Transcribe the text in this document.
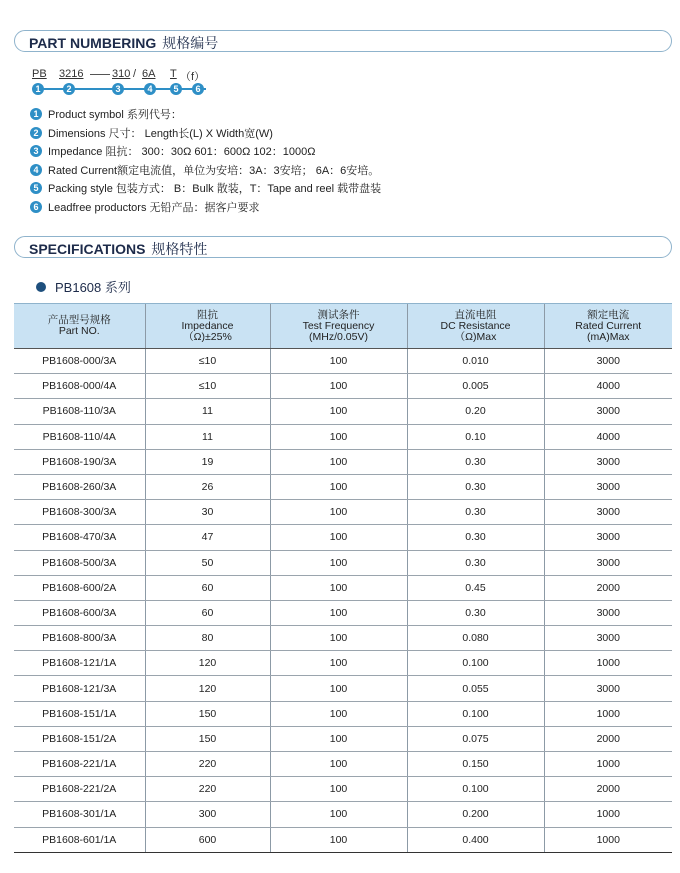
PART NUMBERING 规格编号
PB 3216	310 / 6A T （f）
1	2	3	4	5	6
1 Product symbol 系列代号：
2 Dimensions 尺寸： Length长(L) X Width宽(W)
3 Impedance 阻抗： 300：30Ω 601：600Ω 102：1000Ω
4 Rated Current额定电流值，单位为安培：3A：3安培； 6A：6安培。
5 Packing style 包装方式： B：Bulk 散装，T：Tape and reel 载带盘装
6 Leadfree productors 无铅产品：据客户要求
SPECIFICATIONS 规格特性
PB1608 系列
产品型号规格
Part NO.	阻抗
Impedance
（Ω)±25%	测试条件
Test Frequency
(MHz/0.05V)	直流电阻
DC Resistance
（Ω)Max	额定电流
Rated Current
(mA)Max

PB1608-000/3A	≤10	100	0.010	3000
PB1608-000/4A	≤10	100	0.005	4000
PB1608-110/3A	11	100	0.20	3000
PB1608-110/4A	11	100	0.10	4000
PB1608-190/3A	19	100	0.30	3000
PB1608-260/3A	26	100	0.30	3000
PB1608-300/3A	30	100	0.30	3000
PB1608-470/3A	47	100	0.30	3000
PB1608-500/3A	50	100	0.30	3000
PB1608-600/2A	60	100	0.45	2000
PB1608-600/3A	60	100	0.30	3000
PB1608-800/3A	80	100	0.080	3000
PB1608-121/1A	120	100	0.100	1000
PB1608-121/3A	120	100	0.055	3000
PB1608-151/1A	150	100	0.100	1000
PB1608-151/2A	150	100	0.075	2000
PB1608-221/1A	220	100	0.150	1000
PB1608-221/2A	220	100	0.100	2000
PB1608-301/1A	300	100	0.200	1000
PB1608-601/1A	600	100	0.400	1000
